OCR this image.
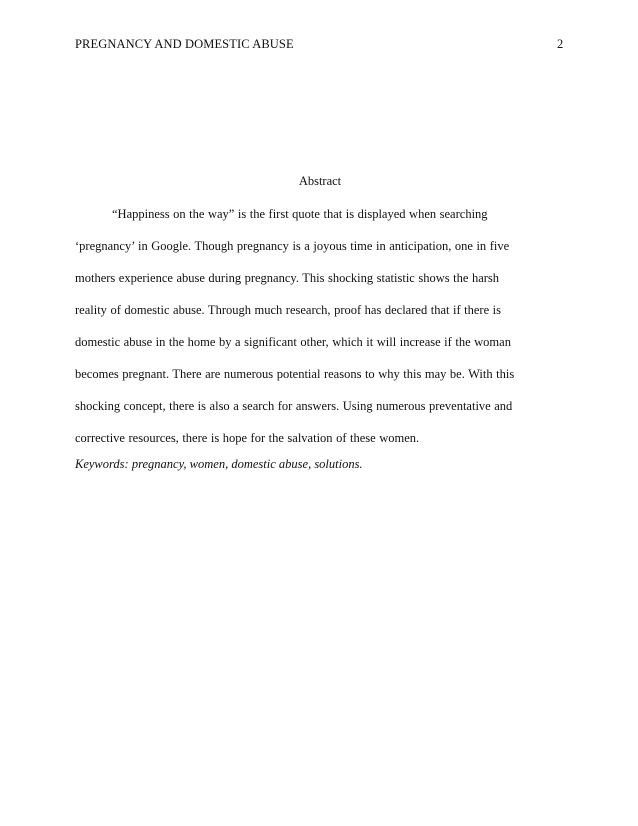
PREGNANCY AND DOMESTIC ABUSE	2
Abstract
“Happiness on the way” is the first quote that is displayed when searching
‘pregnancy’ in Google. Though pregnancy is a joyous time in anticipation, one in five
mothers experience abuse during pregnancy. This shocking statistic shows the harsh
reality of domestic abuse. Through much research, proof has declared that if there is
domestic abuse in the home by a significant other, which it will increase if the woman
becomes pregnant. There are numerous potential reasons to why this may be. With this
shocking concept, there is also a search for answers. Using numerous preventative and
corrective resources, there is hope for the salvation of these women.
Keywords: pregnancy, women, domestic abuse, solutions.
